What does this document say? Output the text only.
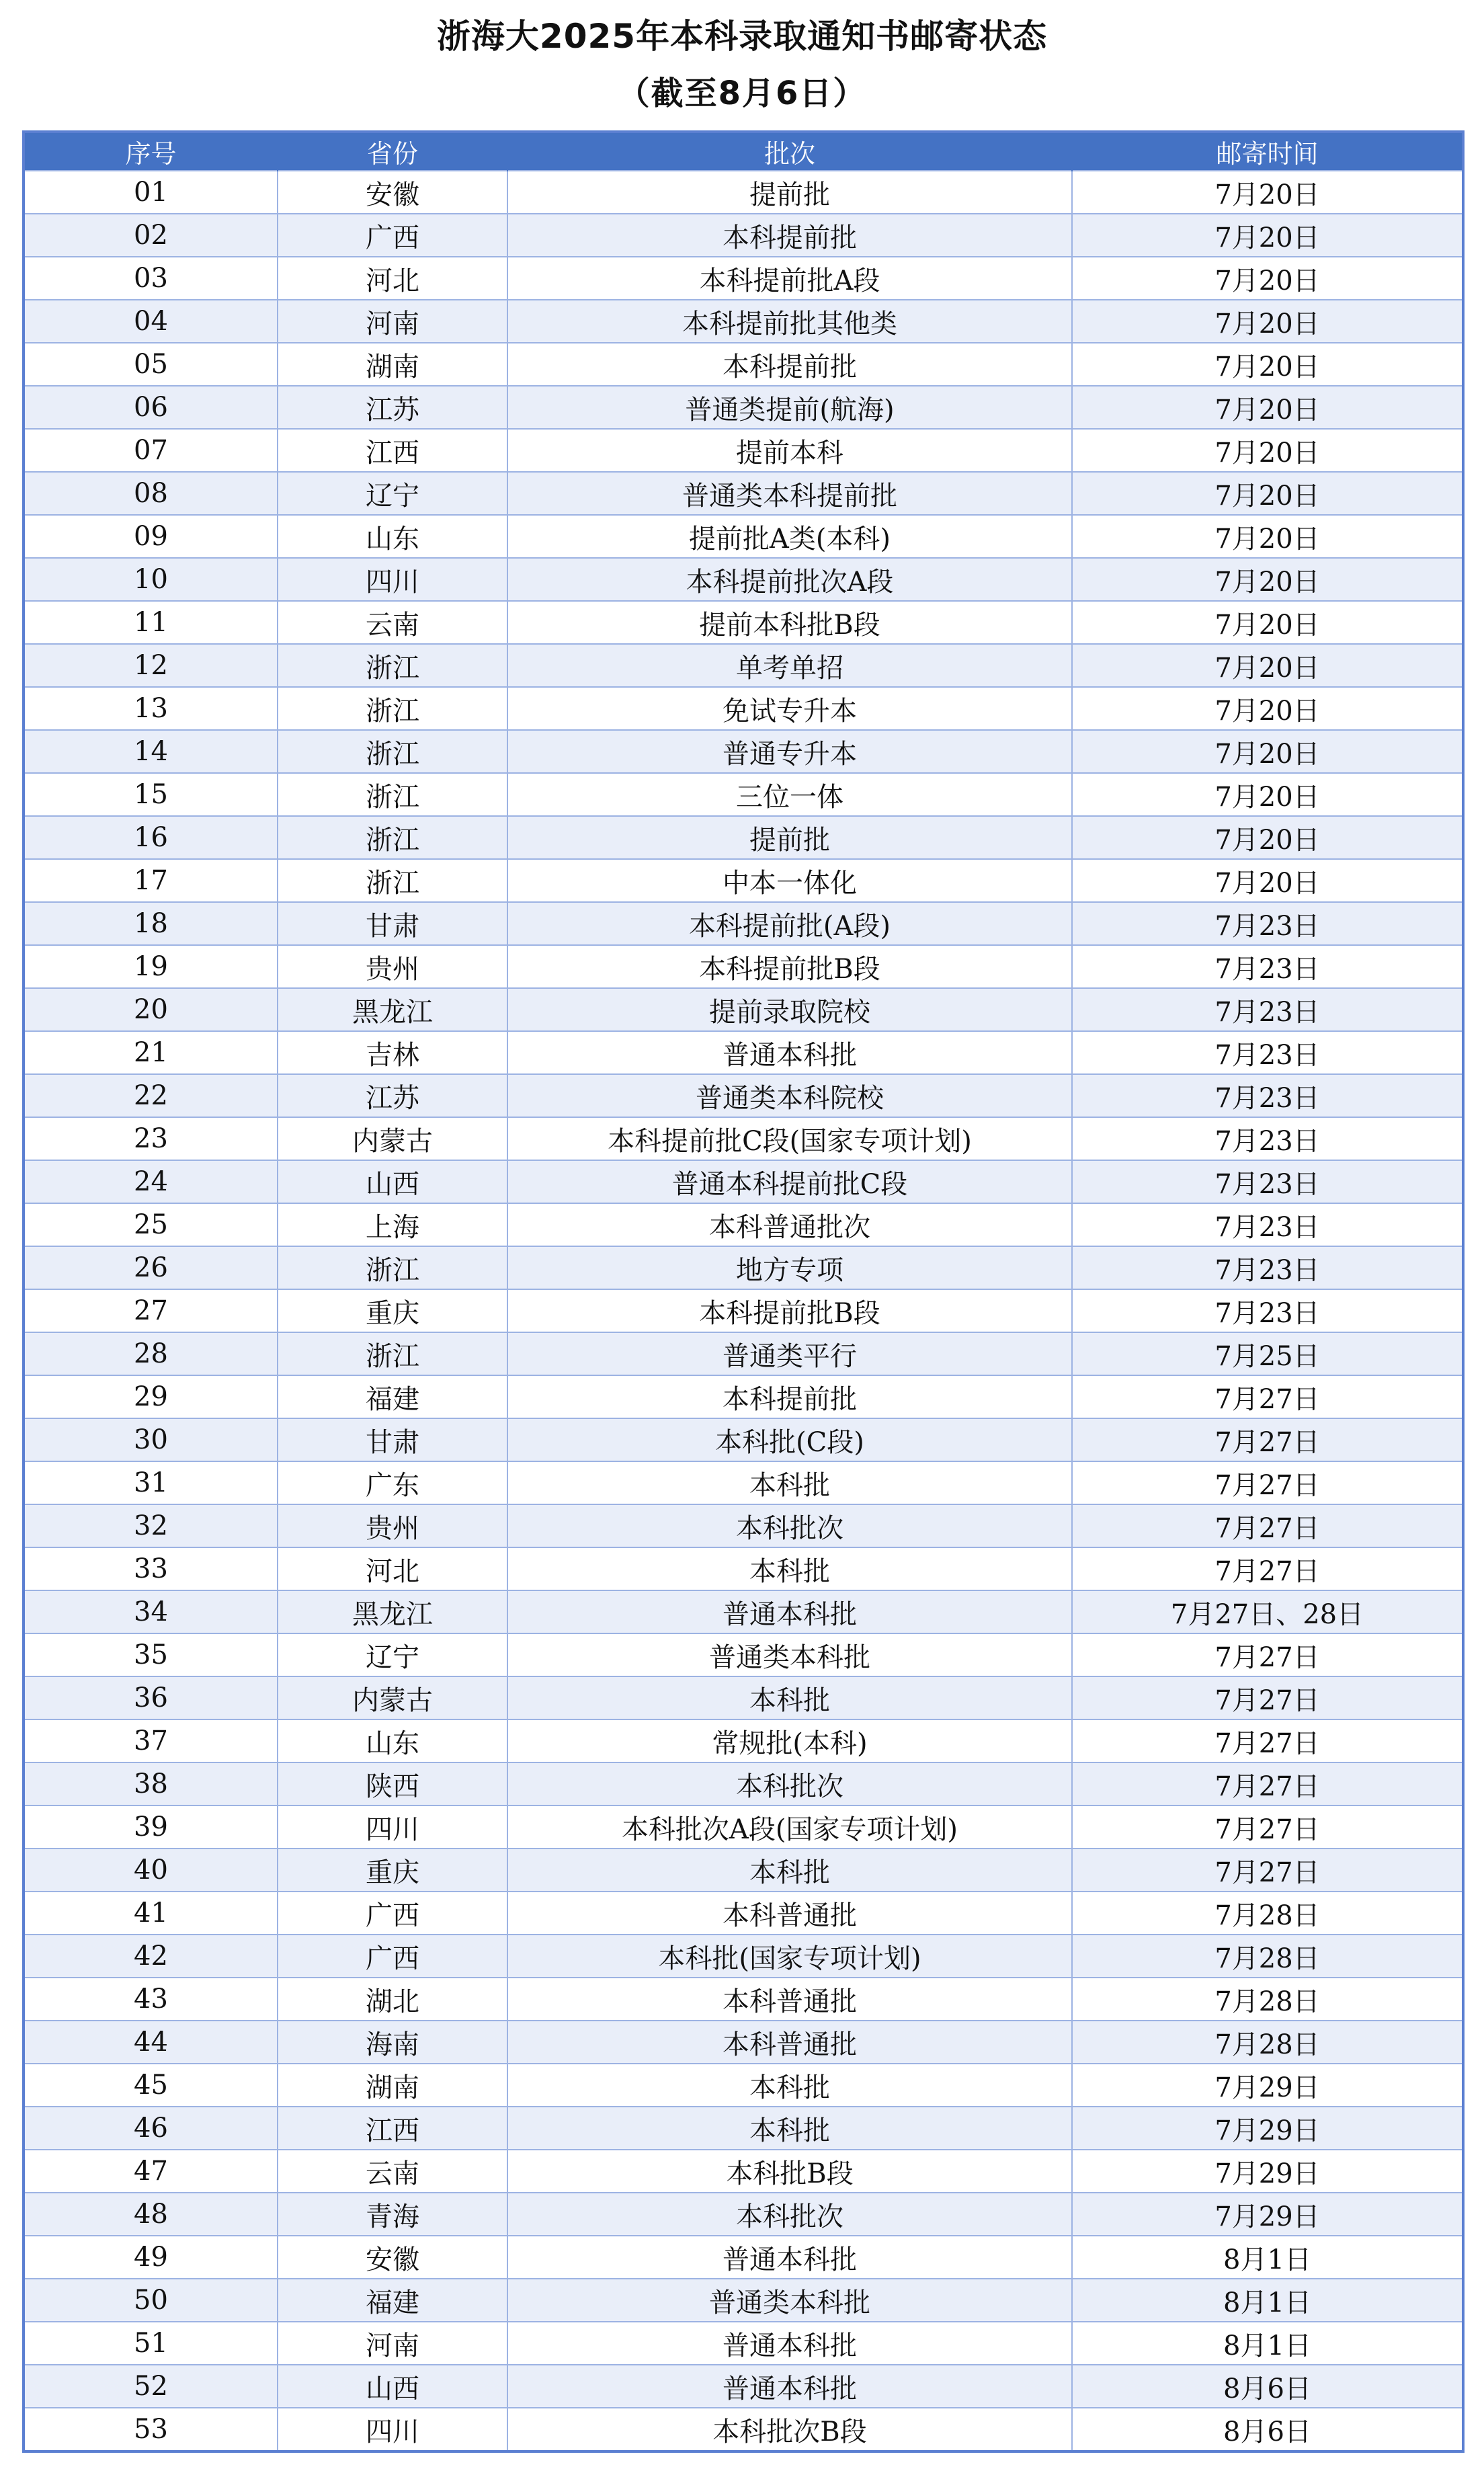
浙海大2025年本科录取通知书邮寄状态
（截至8月6日）
序号	省份	批次	邮寄时间
01	安徽	提前批	7月20日
02	广西	本科提前批	7月20日
03	河北	本科提前批A段	7月20日
04	河南	本科提前批其他类	7月20日
05	湖南	本科提前批	7月20日
06	江苏	普通类提前(航海)	7月20日
07	江西	提前本科	7月20日
08	辽宁	普通类本科提前批	7月20日
09	山东	提前批A类(本科)	7月20日
10	四川	本科提前批次A段	7月20日
11	云南	提前本科批B段	7月20日
12	浙江	单考单招	7月20日
13	浙江	免试专升本	7月20日
14	浙江	普通专升本	7月20日
15	浙江	三位一体	7月20日
16	浙江	提前批	7月20日
17	浙江	中本一体化	7月20日
18	甘肃	本科提前批(A段)	7月23日
19	贵州	本科提前批B段	7月23日
20	黑龙江	提前录取院校	7月23日
21	吉林	普通本科批	7月23日
22	江苏	普通类本科院校	7月23日
23	内蒙古	本科提前批C段(国家专项计划)	7月23日
24	山西	普通本科提前批C段	7月23日
25	上海	本科普通批次	7月23日
26	浙江	地方专项	7月23日
27	重庆	本科提前批B段	7月23日
28	浙江	普通类平行	7月25日
29	福建	本科提前批	7月27日
30	甘肃	本科批(C段)	7月27日
31	广东	本科批	7月27日
32	贵州	本科批次	7月27日
33	河北	本科批	7月27日
34	黑龙江	普通本科批	7月27日、28日
35	辽宁	普通类本科批	7月27日
36	内蒙古	本科批	7月27日
37	山东	常规批(本科)	7月27日
38	陕西	本科批次	7月27日
39	四川	本科批次A段(国家专项计划)	7月27日
40	重庆	本科批	7月27日
41	广西	本科普通批	7月28日
42	广西	本科批(国家专项计划)	7月28日
43	湖北	本科普通批	7月28日
44	海南	本科普通批	7月28日
45	湖南	本科批	7月29日
46	江西	本科批	7月29日
47	云南	本科批B段	7月29日
48	青海	本科批次	7月29日
49	安徽	普通本科批	8月1日
50	福建	普通类本科批	8月1日
51	河南	普通本科批	8月1日
52	山西	普通本科批	8月6日
53	四川	本科批次B段	8月6日
